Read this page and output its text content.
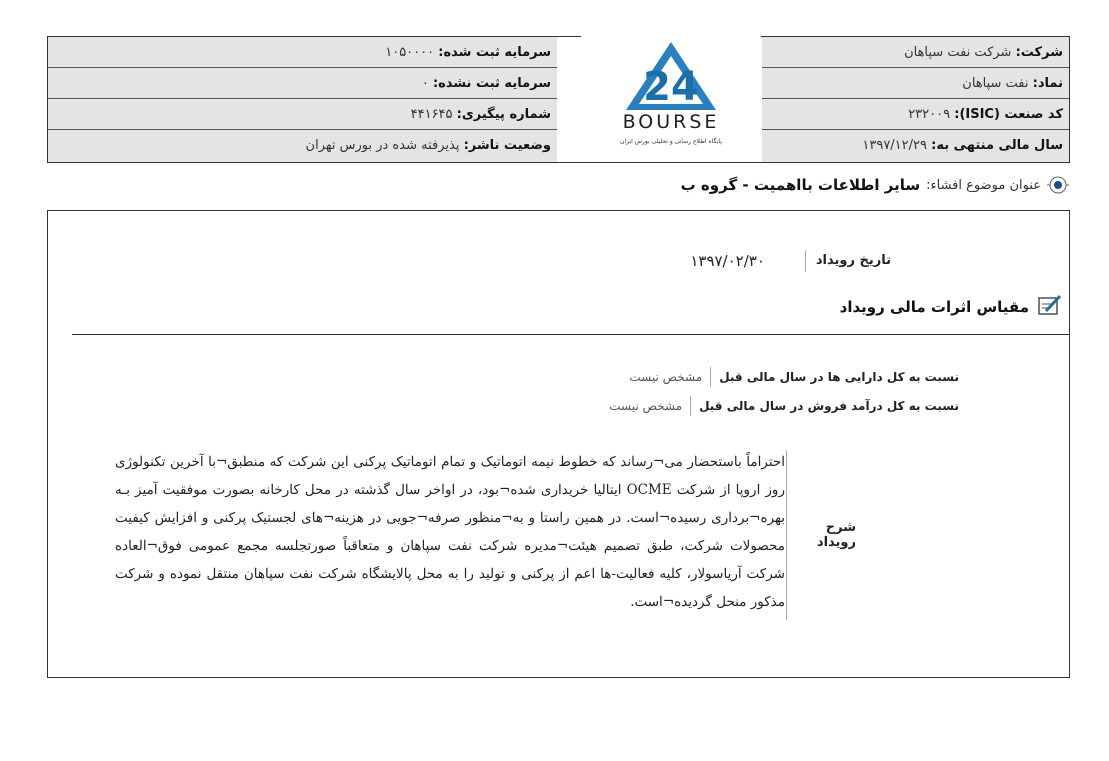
سرمایه ثبت شده: ۱۰۵۰۰۰۰
سرمایه ثبت نشده: ۰
شماره پیگیری: ۴۴۱۶۴۵
وضعیت ناشر: پذیرفته شده در بورس تهران
شرکت: شرکت نفت سپاهان
نماد: نفت سپاهان
کد صنعت (ISIC): ۲۳۲۰۰۹
سال مالی منتهی به: ۱۳۹۷/۱۲/۲۹
24
BOURSE
پایگاه اطلاع رسانی و تحلیلی بورس ایران
عنوان موضوع افشاء:
سایر اطلاعات بااهمیت - گروه ب
تاریخ رویداد
۱۳۹۷/۰۲/۳۰
مقیاس اثرات مالی رویداد
نسبت به کل دارایی ها در سال مالی قبل
مشخص نیست
نسبت به کل درآمد فروش در سال مالی قبل
مشخص نیست
شرح رویداد
احتراماً باستحضار می¬رساند که خطوط نیمه اتوماتیک و تمام اتوماتیک پرکنی این شرکت که منطبق¬با آخرین تکنولوژی روز اروپا از شرکت OCME ایتالیا خریداری شده¬بود، در اواخر سال گذشته در محل کارخانه بصورت موفقیت آمیز بـه بهره¬برداری رسیده¬است. در همین راستا و به¬منظور صرفه¬جویی در هزینه¬های لجستیک پرکنی و افزایش کیفیت محصولات شرکت، طبق تصمیم هیئت¬مدیره شرکت نفت سپاهان و متعاقباً صورتجلسه مجمع عمومی فوق¬العاده شرکت آریاسولار، کلیه فعالیت-ها اعم از پرکنی و تولید را به محل پالایشگاه شرکت نفت سپاهان منتقل نموده و شرکت مذکور منحل گردیده¬است.
